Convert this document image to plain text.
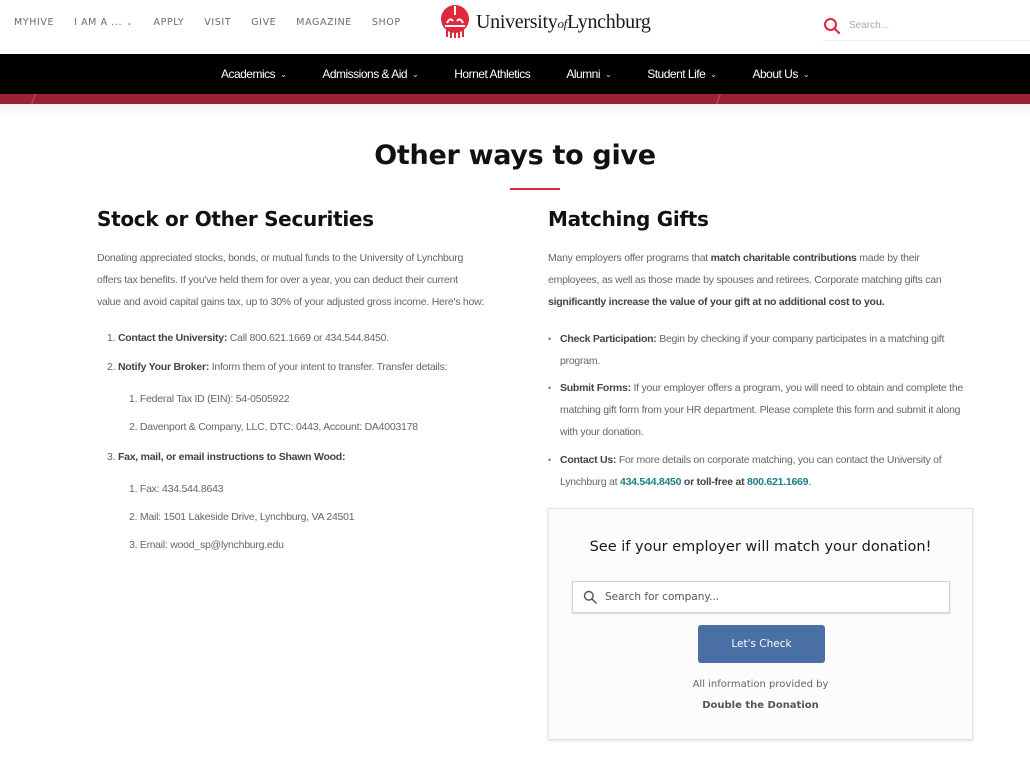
MYHIVE I AM A ... ⌄ APPLY VISIT GIVE MAGAZINE SHOP	UniversityofLynchburg
Search...
Academics ⌄	Admissions & Aid ⌄	Hornet Athletics	Alumni ⌄	Student Life ⌄	About Us ⌄
Other ways to give
Stock or Other Securities

Donating appreciated stocks, bonds, or mutual funds to the University of Lynchburg
offers tax benefits. If you've held them for over a year, you can deduct their current
value and avoid capital gains tax, up to 30% of your adjusted gross income. Here's how:

1. Contact the University: Call 800.621.1669 or 434.544.8450.
2. Notify Your Broker: Inform them of your intent to transfer. Transfer details:
1. Federal Tax ID (EIN): 54-0505922
2. Davenport & Company, LLC, DTC: 0443, Account: DA4003178
3. Fax, mail, or email instructions to Shawn Wood:
1. Fax: 434.544.8643
2. Mail: 1501 Lakeside Drive, Lynchburg, VA 24501
3. Email: wood_sp@lynchburg.edu
Matching Gifts

Many employers offer programs that match charitable contributions made by their
employees, as well as those made by spouses and retirees. Corporate matching gifts can
significantly increase the value of your gift at no additional cost to you.

• Check Participation: Begin by checking if your company participates in a matching gift program.
• Submit Forms: If your employer offers a program, you will need to obtain and complete the matching gift form from your HR department. Please complete this form and submit it along with your donation.
• Contact Us: For more details on corporate matching, you can contact the University of Lynchburg at 434.544.8450 or toll-free at 800.621.1669.
See if your employer will match your donation!
Search for company...
Let's Check
All information provided by
Double the Donation
